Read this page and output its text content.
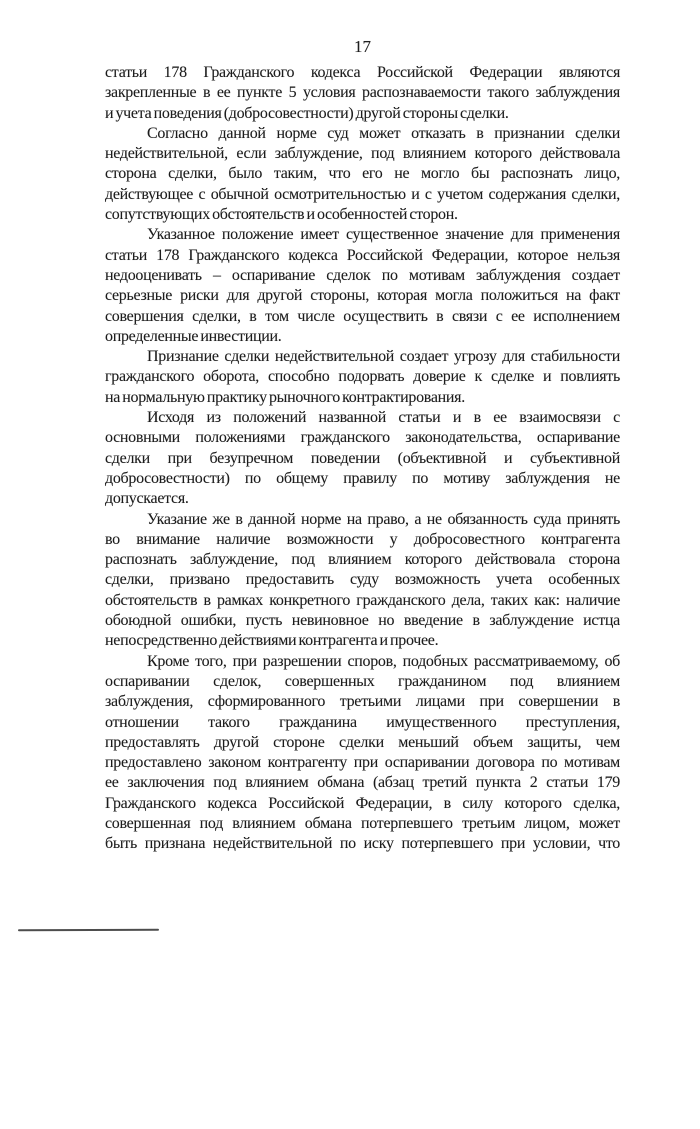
17

статьи 178 Гражданского кодекса Российской Федерации являются
закрепленные в ее пункте 5 условия распознаваемости такого заблуждения
и учета поведения (добросовестности) другой стороны сделки.

Согласно данной норме суд может отказать в признании сделки
недействительной, если заблуждение, под влиянием которого действовала
сторона сделки, было таким, что его не могло бы распознать лицо,
действующее с обычной осмотрительностью и с учетом содержания сделки,
сопутствующих обстоятельств и особенностей сторон.

Указанное положение имеет существенное значение для применения
статьи 178 Гражданского кодекса Российской Федерации, которое нельзя
недооценивать – оспаривание сделок по мотивам заблуждения создает
серьезные риски для другой стороны, которая могла положиться на факт
совершения сделки, в том числе осуществить в связи с ее исполнением
определенные инвестиции.

Признание сделки недействительной создает угрозу для стабильности
гражданского оборота, способно подорвать доверие к сделке и повлиять
на нормальную практику рыночного контрактирования.

Исходя из положений названной статьи и в ее взаимосвязи с
основными положениями гражданского законодательства, оспаривание
сделки при безупречном поведении (объективной и субъективной
добросовестности) по общему правилу по мотиву заблуждения не
допускается.

Указание же в данной норме на право, а не обязанность суда принять
во внимание наличие возможности у добросовестного контрагента
распознать заблуждение, под влиянием которого действовала сторона
сделки, призвано предоставить суду возможность учета особенных
обстоятельств в рамках конкретного гражданского дела, таких как: наличие
обоюдной ошибки, пусть невиновное но введение в заблуждение истца
непосредственно действиями контрагента и прочее.

Кроме того, при разрешении споров, подобных рассматриваемому, об
оспаривании сделок, совершенных гражданином под влиянием
заблуждения, сформированного третьими лицами при совершении в
отношении такого гражданина имущественного преступления,
предоставлять другой стороне сделки меньший объем защиты, чем
предоставлено законом контрагенту при оспаривании договора по мотивам
ее заключения под влиянием обмана (абзац третий пункта 2 статьи 179
Гражданского кодекса Российской Федерации, в силу которого сделка,
совершенная под влиянием обмана потерпевшего третьим лицом, может
быть признана недействительной по иску потерпевшего при условии, что
